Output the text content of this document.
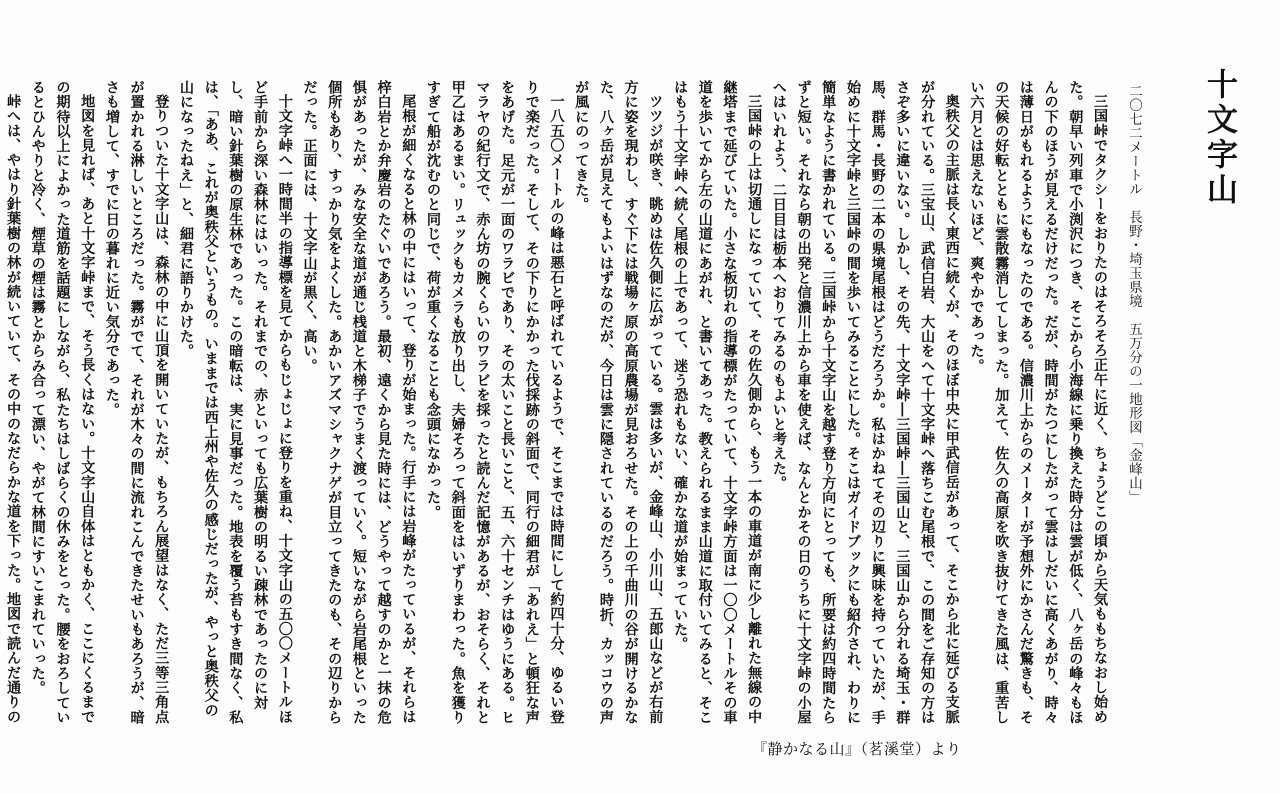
十文字山
二〇七二メートル　長野・埼玉県境　五万分の一地形図「金峰山」

三国峠でタクシーをおりたのはそろそろ正午に近く、ちょうどこの頃から天気ももちなおし始めた。朝早い列車で小渕沢につき、そこから小海線に乗り換えた時分は雲が低く、八ヶ岳の峰々もほんの下のほうが見えるだけだった。だが、時間がたつにしたがって雲はしだいに高くあがり、時々は薄日がもれるようにもなったのである。信濃川上からのメーターが予想外にかさんだ驚きも、その天候の好転とともに雲散霧消してしまった。加えて、佐久の高原を吹き抜けてきた風は、重苦しい六月とは思えないほど、爽やかであった。

奥秩父の主脈は長く東西に続くが、そのほぼ中央に甲武信岳があって、そこから北に延びる支脈が分れている。三宝山、武信白岩、大山をへて十文字峠へ落ちこむ尾根で、この間をご存知の方はさぞ多いに違いない。しかし、その先、十文字峠―三国峠―三国山と、三国山から分れる埼玉・群馬、群馬・長野の二本の県境尾根はどうだろうか。私はかねてその辺りに興味を持っていたが、手始めに十文字峠と三国峠の間を歩いてみることにした。そこはガイドブックにも紹介され、わりに簡単なように書かれている。三国峠から十文字山を越す登り方向にとっても、所要は約四時間たらずと短い。それなら朝の出発と信濃川上から車を使えば、なんとかその日のうちに十文字峠の小屋へはいれよう、二日目は栃本へおりてみるのもよいと考えた。

三国峠の上は切通しになっていて、その佐久側から、もう一本の車道が南に少し離れた無線の中継塔まで延びていた。小さな板切れの指導標がたっていて、十文字峠方面は一〇〇メートルその車道を歩いてから左の山道にあがれ、と書いてあった。教えられるまま山道に取付いてみると、そこはもう十文字峠へ続く尾根の上であって、迷う恐れもない、確かな道が始まっていた。

ツツジが咲き、眺めは佐久側に広がっている。雲は多いが、金峰山、小川山、五郎山などが右前方に姿を現わし、すぐ下には戦場ヶ原の高原農場が見おろせた。その上の千曲川の谷が開けるかなた、八ヶ岳が見えてもよいはずなのだが、今日は雲に隠されているのだろう。時折、カッコウの声が風にのってきた。

一八五〇メートルの峰は悪石と呼ばれているようで、そこまでは時間にして約四十分、ゆるい登りで楽だった。そして、その下りにかかった伐採跡の斜面で、同行の細君が「あれえ」と頓狂な声をあげた。足元が一面のワラビであり、その太いこと長いこと、五、六十センチはゆうにある。ヒマラヤの紀行文で、赤ん坊の腕くらいのワラビを採ったと読んだ記憶があるが、おそらく、それと甲乙はあるまい。リュックもカメラも放り出し、夫婦そろって斜面をはいずりまわった。魚を獲りすぎて船が沈むのと同じで、荷が重くなることも念頭になかった。

尾根が細くなると林の中にはいって、登りが始まった。行手には岩峰がたっているが、それらは梓白岩とか弁慶岩のたぐいであろう。最初、遠くから見た時には、どうやって越すのかと一抹の危惧があったが、みな安全な道が通じ桟道と木梯子でうまく渡っていく。短いながら岩尾根といった個所もあり、すっかり気をよくした。あかいアズマシャクナゲが目立ってきたのも、その辺りからだった。正面には、十文字山が黒く、高い。

十文字峠へ一時間半の指導標を見てからもじょじょに登りを重ね、十文字山の五〇〇メートルほど手前から深い森林にはいった。それまでの、赤といっても広葉樹の明るい疎林であったのに対し、暗い針葉樹の原生林であった。この暗転は、実に見事だった。地表を覆う苔もすき間なく、私は、「ああ、これが奥秩父というもの。いままでは西上州や佐久の感じだったが、やっと奥秩父の山になったねえ」と、細君に語りかけた。

登りついた十文字山は、森林の中に山頂を開いていたが、もちろん展望はなく、ただ三等三角点が置かれる淋しいところだった。霧がでて、それが木々の間に流れこんできたせいもあろうが、暗さも増して、すでに日の暮れに近い気分であった。

地図を見れば、あと十文字峠まで、そう長くはない。十文字山自体はともかく、ここにくるまでの期待以上によかった道筋を話題にしながら、私たちはしばらくの休みをとった。腰をおろしているとひんやりと冷く、煙草の煙は霧とからみ合って漂い、やがて林間にすいこまれていった。

峠へは、やはり針葉樹の林が続いていて、その中のなだらかな道を下った。地図で読んだ通りの

『静かなる山』（茗溪堂）より
